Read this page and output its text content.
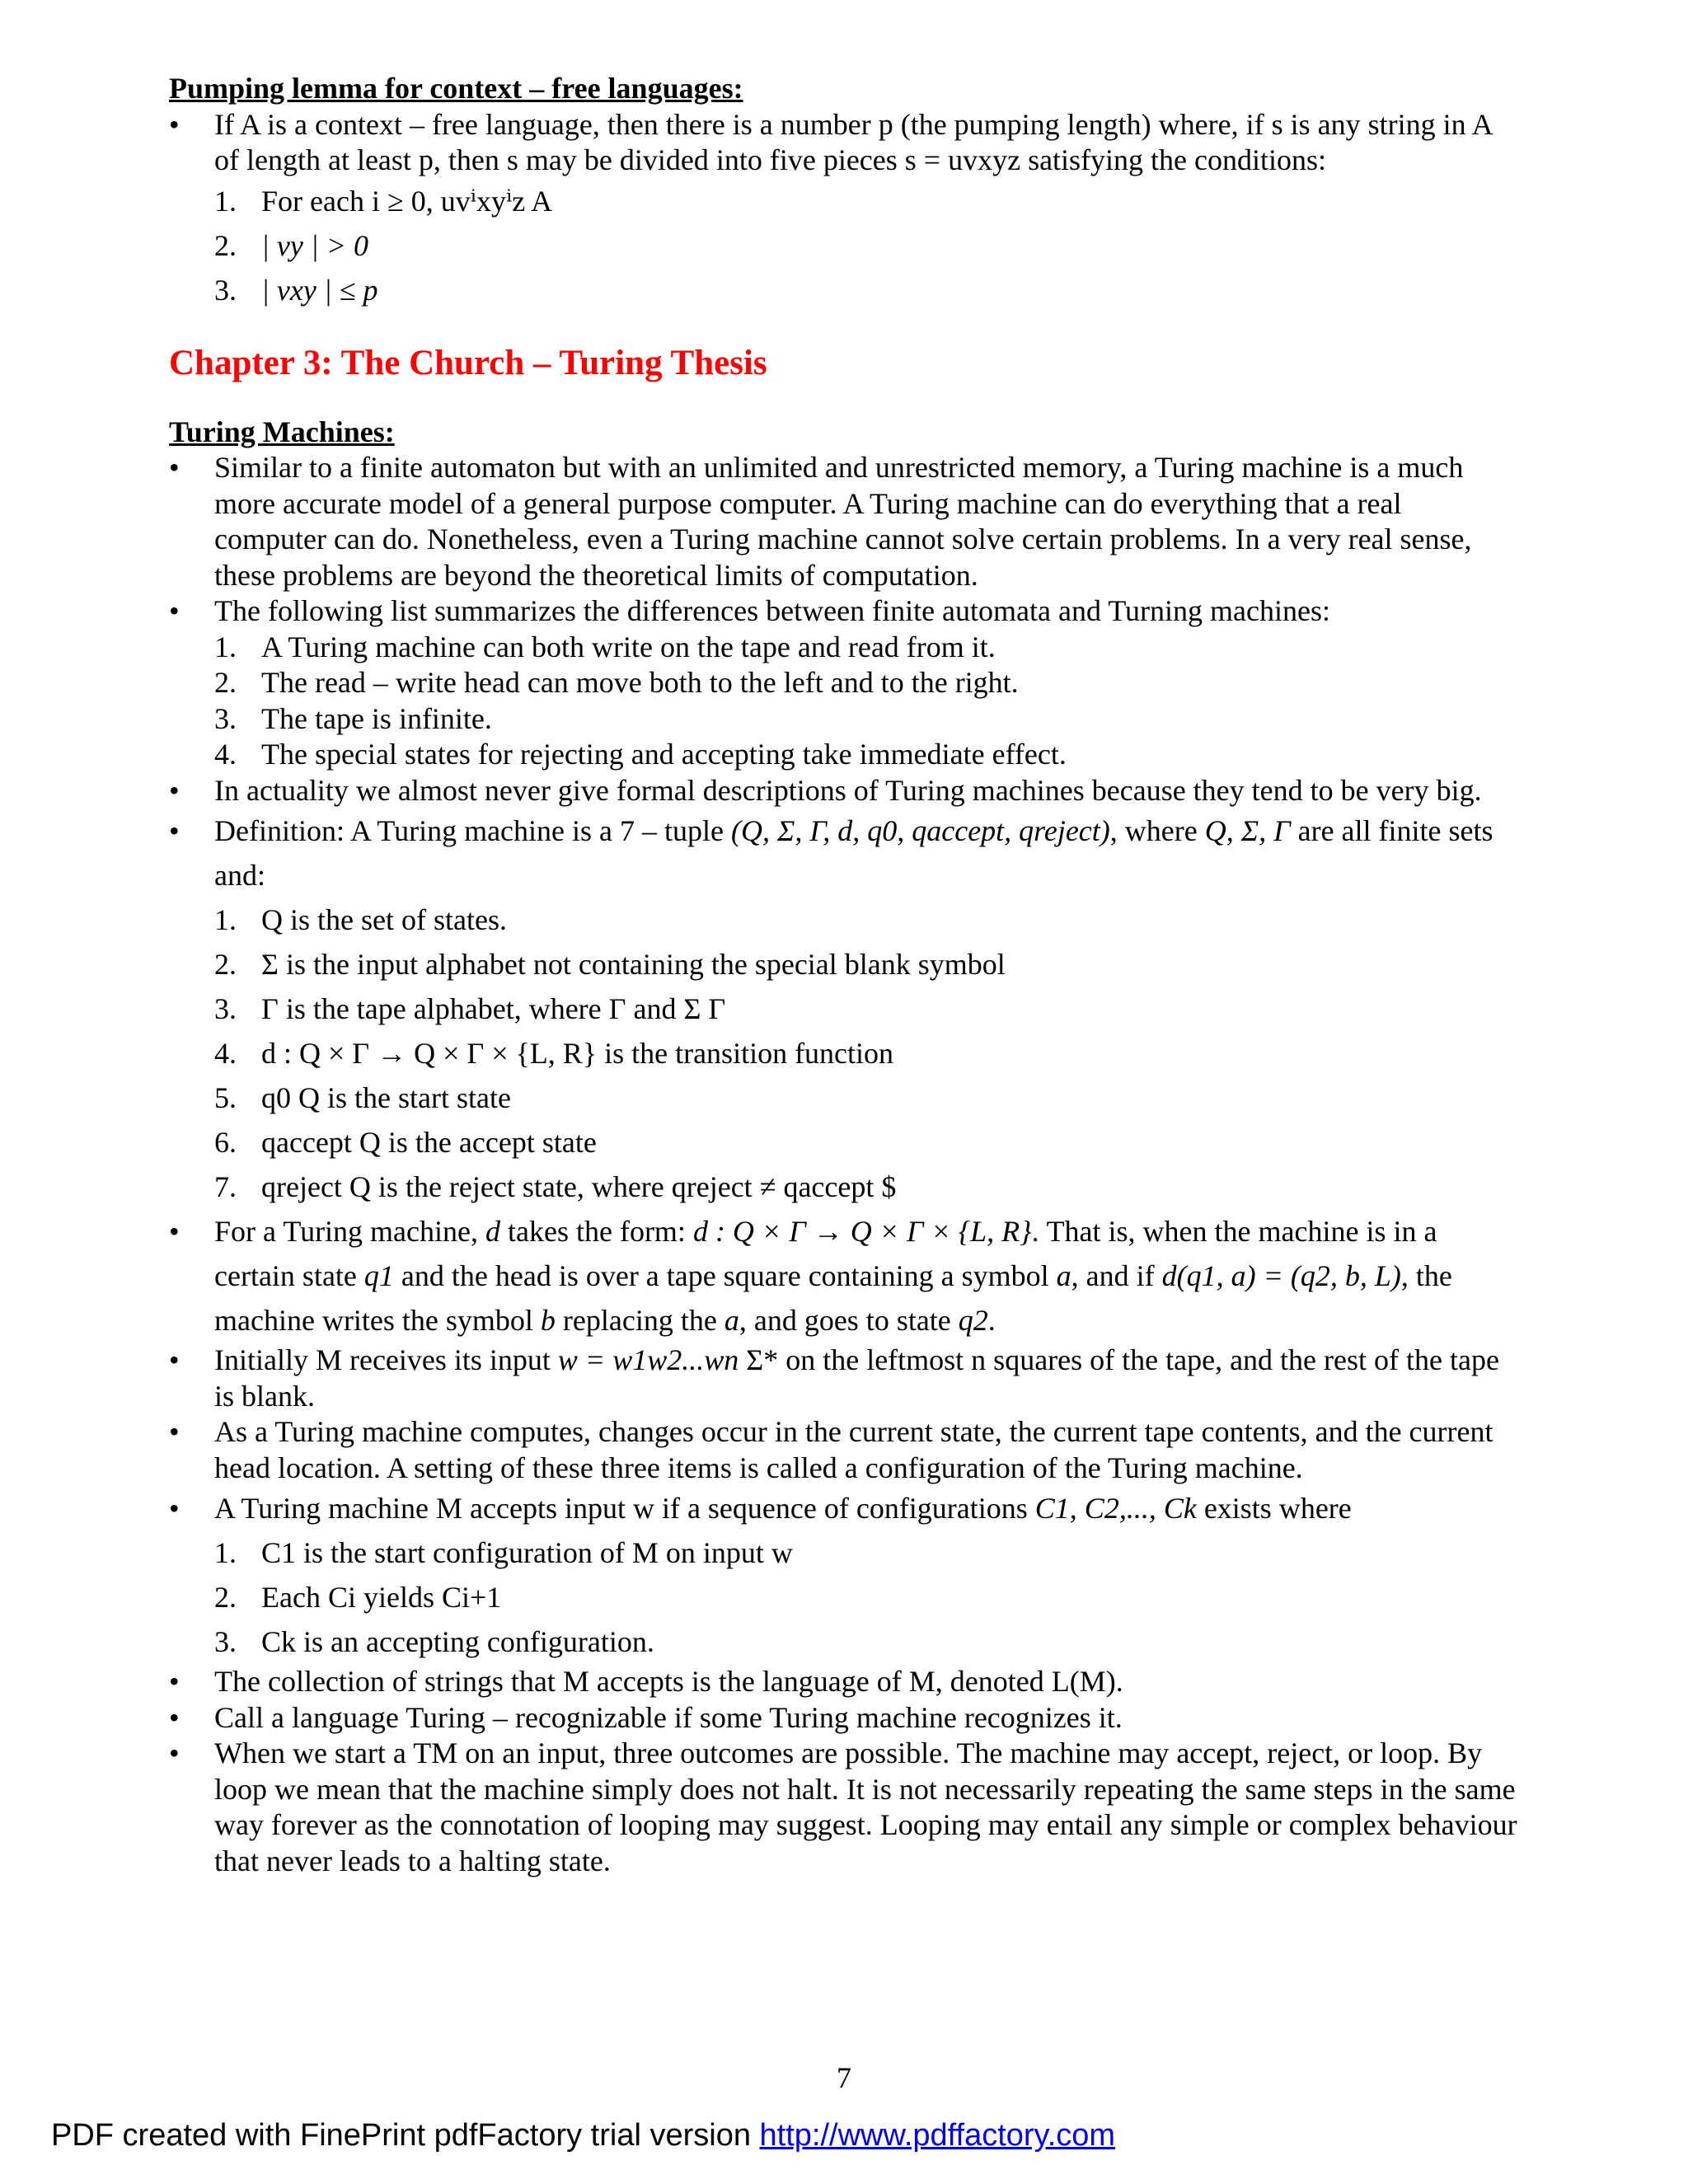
Pumping lemma for context – free languages:
• If A is a context – free language, then there is a number p (the pumping length) where, if s is any string in A of length at least p, then s may be divided into five pieces s = uvxyz satisfying the conditions:
1. For each i ≥ 0, uvⁱxyⁱz A
2. | vy | > 0
3. | vxy | ≤ p
Chapter 3: The Church – Turing Thesis
Turing Machines:
• Similar to a finite automaton but with an unlimited and unrestricted memory, a Turing machine is a much more accurate model of a general purpose computer. A Turing machine can do everything that a real computer can do. Nonetheless, even a Turing machine cannot solve certain problems. In a very real sense, these problems are beyond the theoretical limits of computation.
• The following list summarizes the differences between finite automata and Turning machines:
1. A Turing machine can both write on the tape and read from it.
2. The read – write head can move both to the left and to the right.
3. The tape is infinite.
4. The special states for rejecting and accepting take immediate effect.
• In actuality we almost never give formal descriptions of Turing machines because they tend to be very big.
• Definition: A Turing machine is a 7 – tuple (Q, Σ, Γ, d, q0, qaccept, qreject), where Q, Σ, Γ are all finite sets and:
1. Q is the set of states.
2. Σ is the input alphabet not containing the special blank symbol
3. Γ is the tape alphabet, where Γ and Σ Γ
4. d : Q × Γ → Q × Γ × {L, R} is the transition function
5. q0 Q is the start state
6. qaccept Q is the accept state
7. qreject Q is the reject state, where qreject ≠ qaccept $
• For a Turing machine, d takes the form: d : Q × Γ → Q × Γ × {L, R}. That is, when the machine is in a certain state q1 and the head is over a tape square containing a symbol a, and if d(q1, a) = (q2, b, L), the machine writes the symbol b replacing the a, and goes to state q2.
• Initially M receives its input w = w1w2...wn Σ* on the leftmost n squares of the tape, and the rest of the tape is blank.
• As a Turing machine computes, changes occur in the current state, the current tape contents, and the current head location. A setting of these three items is called a configuration of the Turing machine.
• A Turing machine M accepts input w if a sequence of configurations C1, C2,..., Ck exists where
1. C1 is the start configuration of M on input w
2. Each Ci yields Ci+1
3. Ck is an accepting configuration.
• The collection of strings that M accepts is the language of M, denoted L(M).
• Call a language Turing – recognizable if some Turing machine recognizes it.
• When we start a TM on an input, three outcomes are possible. The machine may accept, reject, or loop. By loop we mean that the machine simply does not halt. It is not necessarily repeating the same steps in the same way forever as the connotation of looping may suggest. Looping may entail any simple or complex behaviour that never leads to a halting state.
7
PDF created with FinePrint pdfFactory trial version http://www.pdffactory.com
